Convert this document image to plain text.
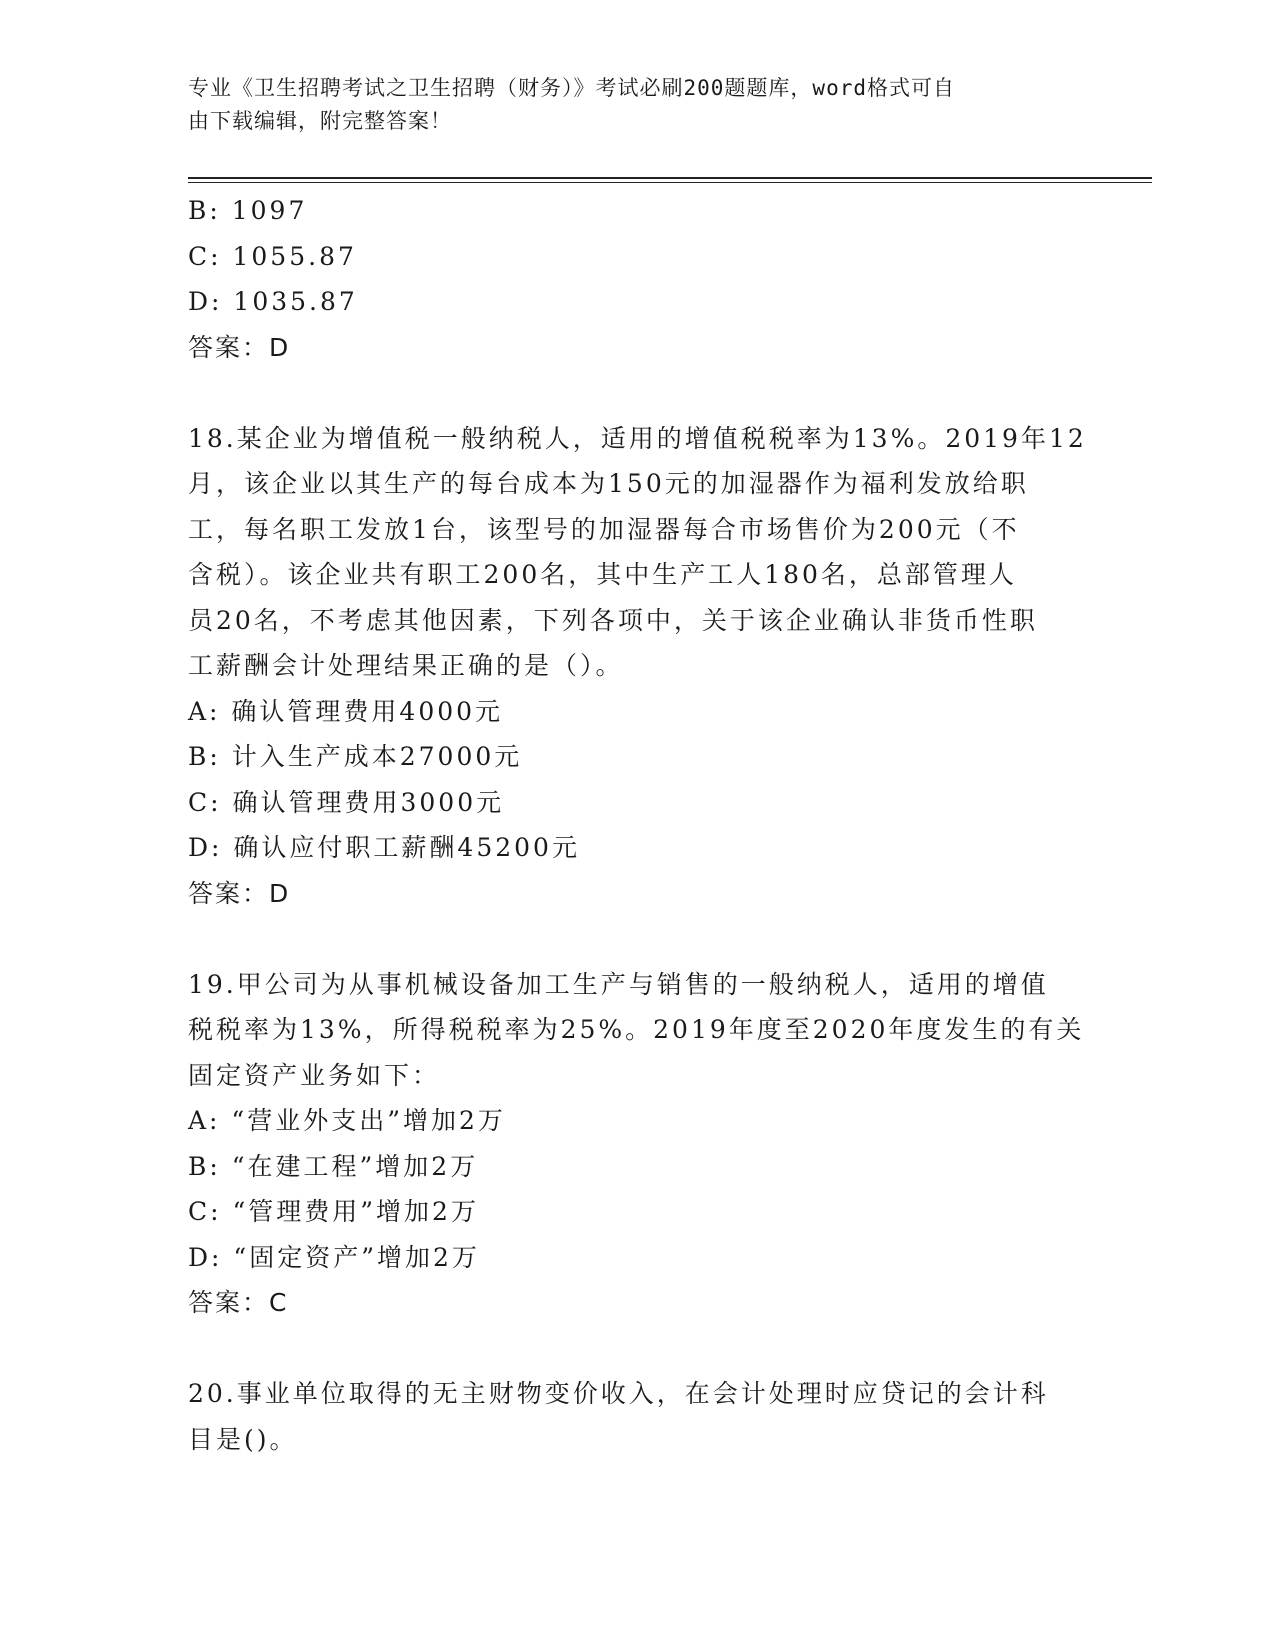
专业《卫生招聘考试之卫生招聘（财务）》考试必刷200题题库，word格式可自
由下载编辑，附完整答案！
B: 1097
C: 1055.87
D: 1035.87
答案：D
18.某企业为增值税一般纳税人，适用的增值税税率为13%。2019年12
月，该企业以其生产的每台成本为150元的加湿器作为福利发放给职
工，每名职工发放1台，该型号的加湿器每合市场售价为200元（不
含税）。该企业共有职工200名，其中生产工人180名，总部管理人
员20名，不考虑其他因素，下列各项中，关于该企业确认非货币性职
工薪酬会计处理结果正确的是（）。
A: 确认管理费用4000元
B: 计入生产成本27000元
C: 确认管理费用3000元
D: 确认应付职工薪酬45200元
答案：D
19.甲公司为从事机械设备加工生产与销售的一般纳税人，适用的增值
税税率为13%，所得税税率为25%。2019年度至2020年度发生的有关
固定资产业务如下：
A: “营业外支出”增加2万
B: “在建工程”增加2万
C: “管理费用”增加2万
D: “固定资产”增加2万
答案：C
20.事业单位取得的无主财物变价收入，在会计处理时应贷记的会计科
目是()。
